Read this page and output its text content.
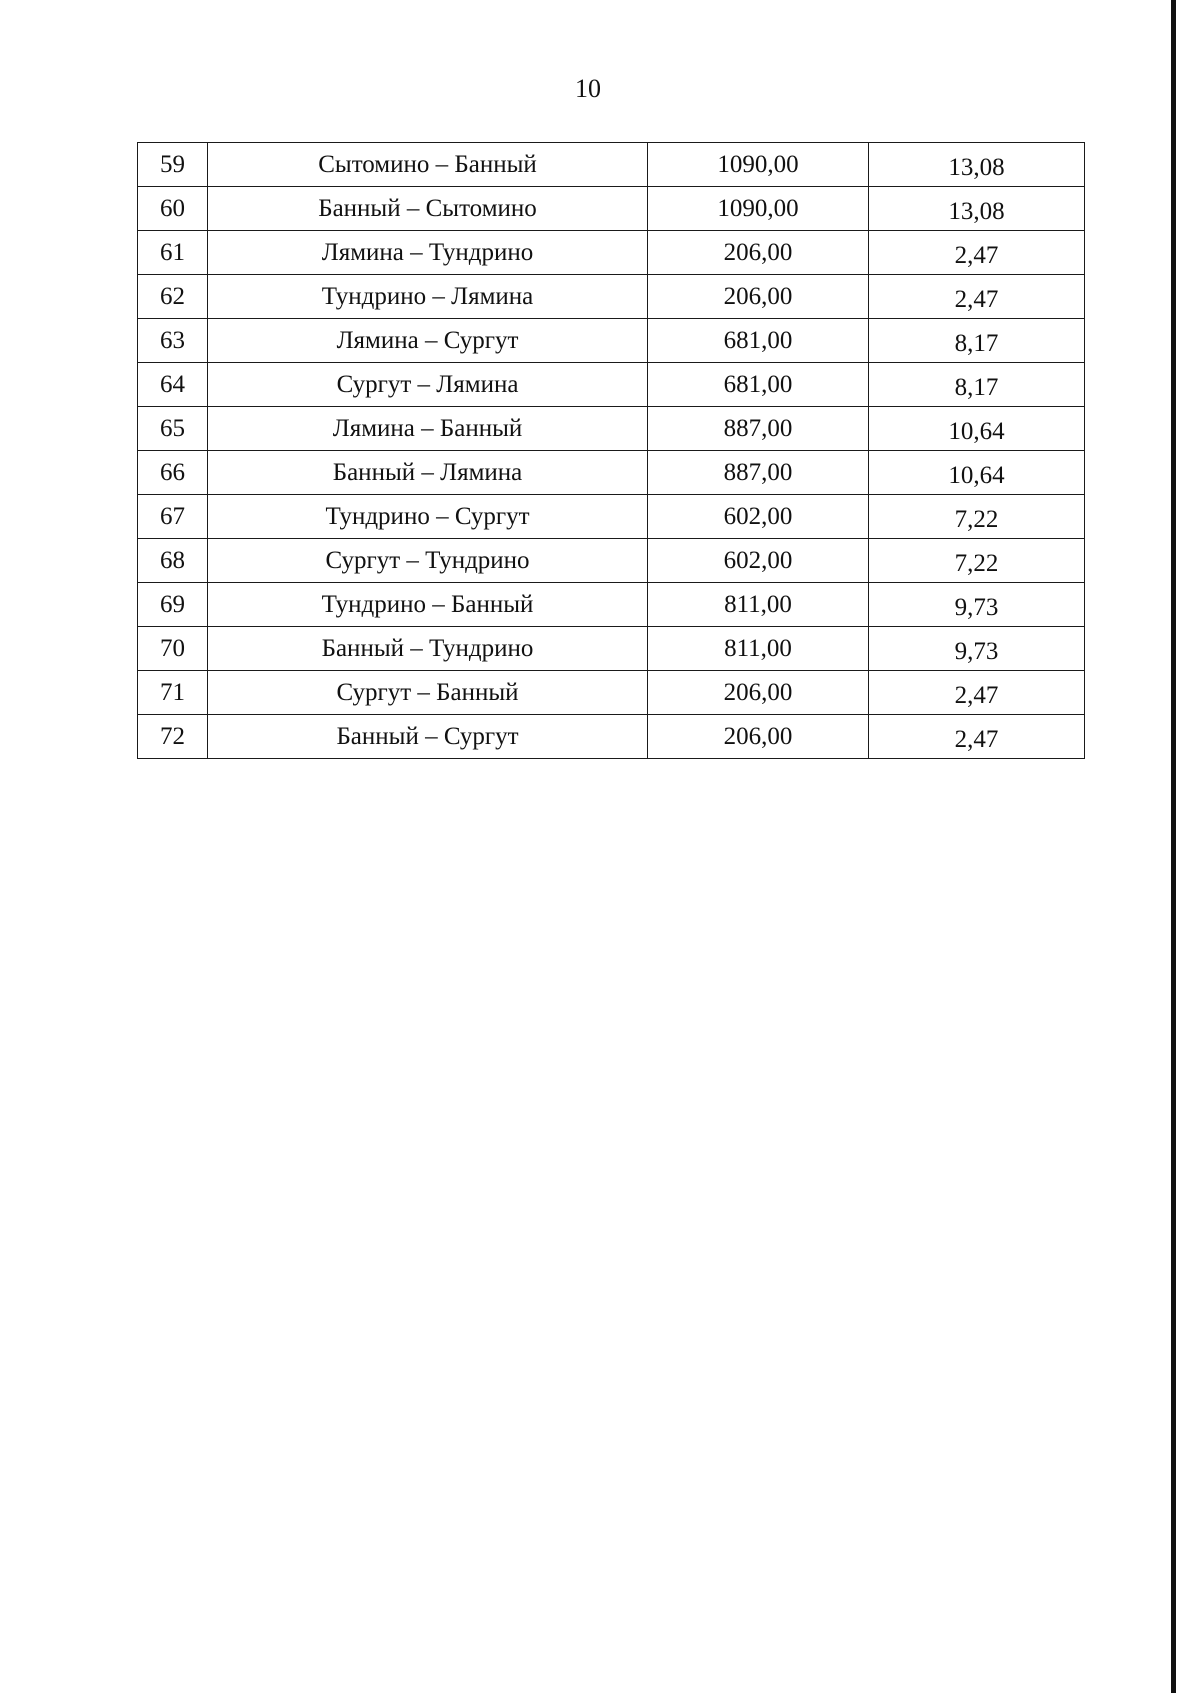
10
59	Сытомино – Банный	1090,00	13,08
60	Банный – Сытомино	1090,00	13,08
61	Лямина – Тундрино	206,00	2,47
62	Тундрино – Лямина	206,00	2,47
63	Лямина – Сургут	681,00	8,17
64	Сургут – Лямина	681,00	8,17
65	Лямина – Банный	887,00	10,64
66	Банный – Лямина	887,00	10,64
67	Тундрино – Сургут	602,00	7,22
68	Сургут – Тундрино	602,00	7,22
69	Тундрино – Банный	811,00	9,73
70	Банный – Тундрино	811,00	9,73
71	Сургут – Банный	206,00	2,47
72	Банный – Сургут	206,00	2,47
